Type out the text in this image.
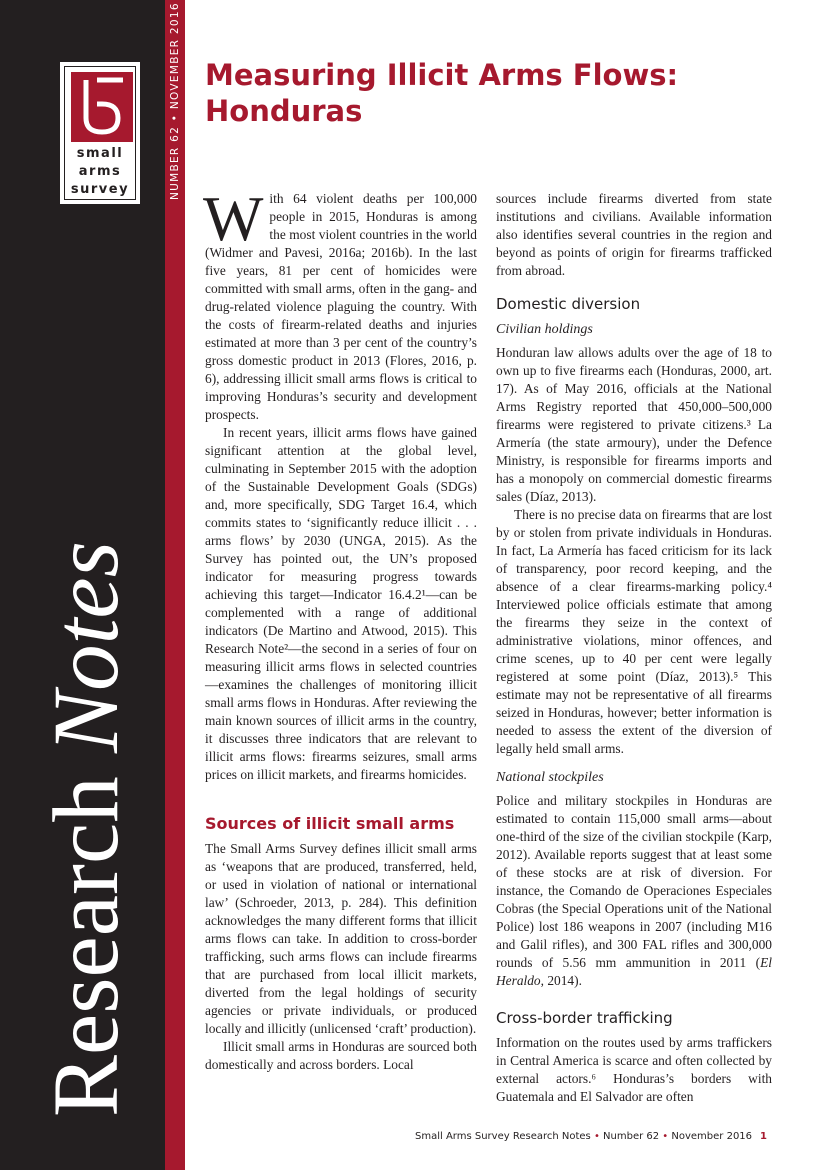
small
arms
survey
Research Notes
NUMBER 62 • NOVEMBER 2016 Measuring Illicit Arms Flows:
Honduras

With 64 violent deaths per 100,000 people in 2015, Honduras is among the most violent countries in the world (Widmer and Pavesi, 2016a; 2016b). In the last five years, 81 per cent of homicides were committed with small arms, often in the gang- and drug-related violence plaguing the country. With the costs of firearm-related deaths and injuries estimated at more than 3 per cent of the country’s gross domestic product in 2013 (Flores, 2016, p. 6), addressing illicit small arms flows is critical to improving Honduras’s security and development prospects.

In recent years, illicit arms flows have gained significant attention at the global level, culminating in September 2015 with the adoption of the Sustainable Development Goals (SDGs) and, more specifically, SDG Target 16.4, which commits states to ‘significantly reduce illicit . . . arms flows’ by 2030 (UNGA, 2015). As the Survey has pointed out, the UN’s proposed indicator for measuring progress towards achieving this target—Indicator 16.4.2¹—can be complemented with a range of additional indicators (De Martino and Atwood, 2015). This Research Note²—the second in a series of four on measuring illicit arms flows in selected countries—examines the challenges of monitoring illicit small arms flows in Honduras. After reviewing the main known sources of illicit arms in the country, it discusses three indicators that are relevant to illicit arms flows: firearms seizures, small arms prices on illicit markets, and firearms homicides.

Sources of illicit small arms

The Small Arms Survey defines illicit small arms as ‘weapons that are produced, transferred, held, or used in violation of national or international law’ (Schroeder, 2013, p. 284). This definition acknowledges the many different forms that illicit arms flows can take. In addition to cross-border trafficking, such arms flows can include firearms that are purchased from local illicit markets, diverted from the legal holdings of security agencies or private individuals, or produced locally and illicitly (unlicensed ‘craft’ production).

Illicit small arms in Honduras are sourced both domestically and across borders. Local

sources include firearms diverted from state institutions and civilians. Available information also identifies several countries in the region and beyond as points of origin for firearms trafficked from abroad.

Domestic diversion
Civilian holdings

Honduran law allows adults over the age of 18 to own up to five firearms each (Honduras, 2000, art. 17). As of May 2016, officials at the National Arms Registry reported that 450,000–500,000 firearms were registered to private citizens.³ La Armería (the state armoury), under the Defence Ministry, is responsible for firearms imports and has a monopoly on commercial domestic firearms sales (Díaz, 2013).

There is no precise data on firearms that are lost by or stolen from private individuals in Honduras. In fact, La Armería has faced criticism for its lack of transparency, poor record keeping, and the absence of a clear firearms-marking policy.⁴ Interviewed police officials estimate that among the firearms they seize in the context of administrative violations, minor offences, and crime scenes, up to 40 per cent were legally registered at some point (Díaz, 2013).⁵ This estimate may not be representative of all firearms seized in Honduras, however; better information is needed to assess the extent of the diversion of legally held small arms.

National stockpiles

Police and military stockpiles in Honduras are estimated to contain 115,000 small arms—about one-third of the size of the civilian stockpile (Karp, 2012). Available reports suggest that at least some of these stocks are at risk of diversion. For instance, the Comando de Operaciones Especiales Cobras (the Special Operations unit of the National Police) lost 186 weapons in 2007 (including M16 and Galil rifles), and 300 FAL rifles and 300,000 rounds of 5.56 mm ammunition in 2011 (El Heraldo, 2014).

Cross-border trafficking

Information on the routes used by arms traffickers in Central America is scarce and often collected by external actors.⁶ Honduras’s borders with Guatemala and El Salvador are often

Small Arms Survey Research Notes • Number 62 • November 2016 1
